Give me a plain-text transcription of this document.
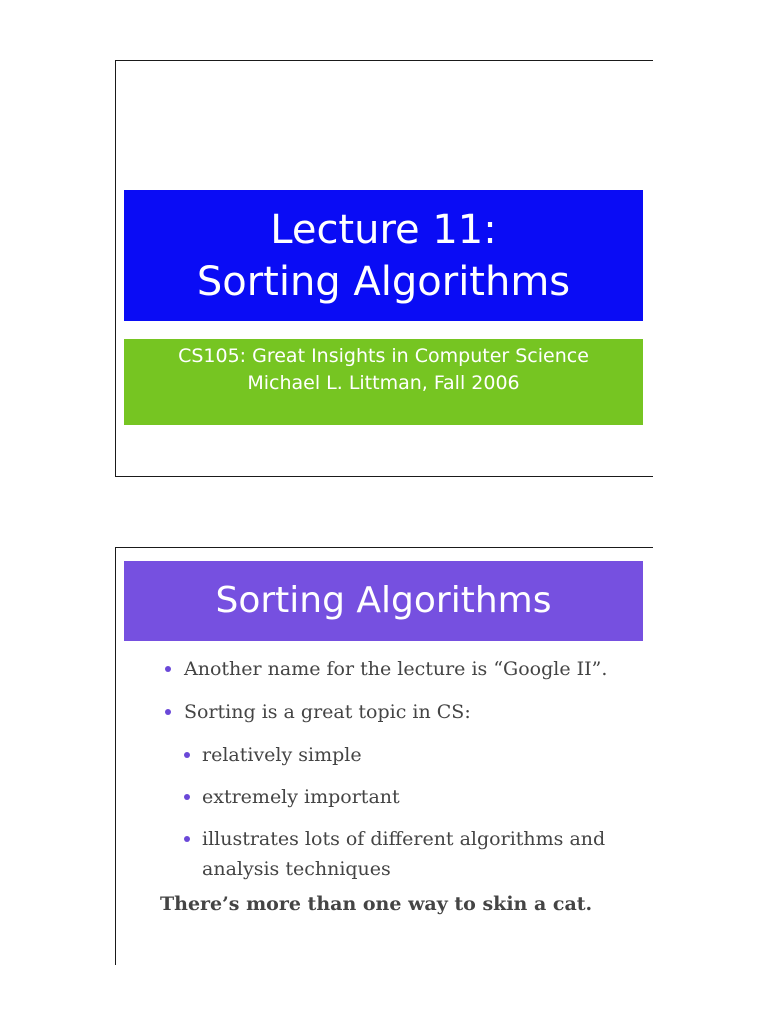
Lecture 11:
Sorting Algorithms
CS105: Great Insights in Computer Science
Michael L. Littman, Fall 2006
Sorting Algorithms
Another name for the lecture is “Google II”.
Sorting is a great topic in CS:
relatively simple
extremely important
illustrates lots of different algorithms and
analysis techniques
There’s more than one way to skin a cat.
